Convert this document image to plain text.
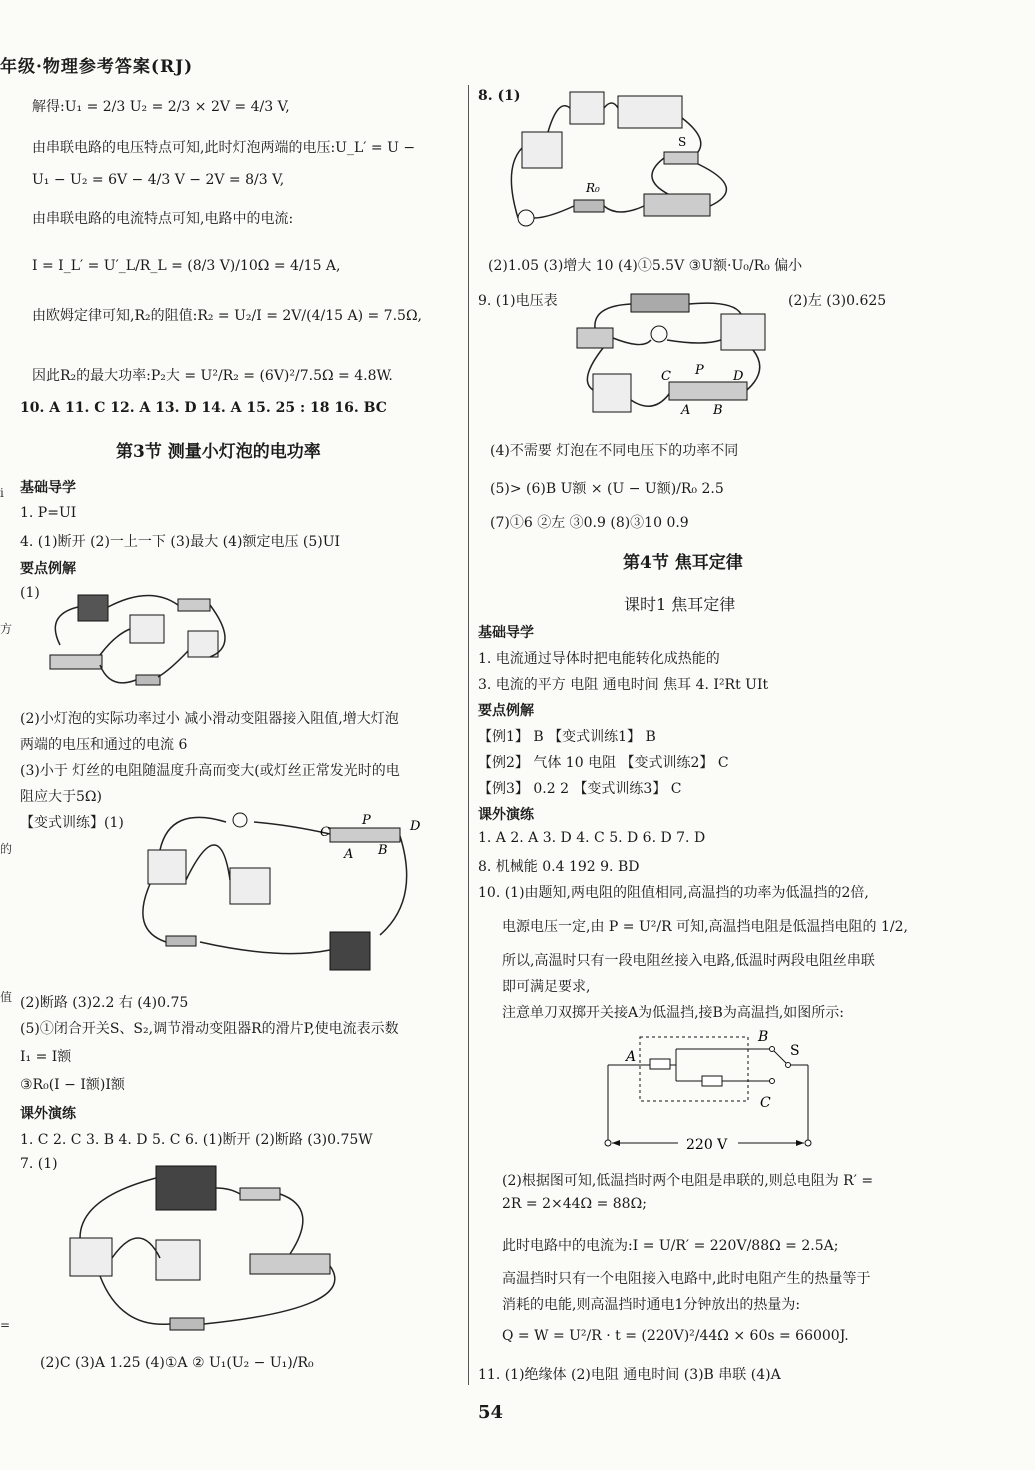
年级·物理参考答案(RJ)
i
方
的
值
=
解得:U₁ = 2/3 U₂ = 2/3 × 2V = 4/3 V,
由串联电路的电压特点可知,此时灯泡两端的电压:U_L′ = U −
U₁ − U₂ = 6V − 4/3 V − 2V = 8/3 V,
由串联电路的电流特点可知,电路中的电流:
I = I_L′ = U′_L/R_L = (8/3 V)/10Ω = 4/15 A,
由欧姆定律可知,R₂的阻值:R₂ = U₂/I = 2V/(4/15 A) = 7.5Ω,
因此R₂的最大功率:P₂大 = U²/R₂ = (6V)²/7.5Ω = 4.8W.
10. A 11. C 12. A 13. D 14. A 15. 25 : 18 16. BC
第3节 测量小灯泡的电功率
基础导学
1. P=UI
4. (1)断开 (2)一上一下 (3)最大 (4)额定电压 (5)UI
要点例解
(1)
(2)小灯泡的实际功率过小 减小滑动变阻器接入阻值,增大灯泡
两端的电压和通过的电流 6
(3)小于 灯丝的电阻随温度升高而变大(或灯丝正常发光时的电
阻应大于5Ω)
【变式训练】(1)
C
P	D
A B
(2)断路 (3)2.2 右 (4)0.75
(5)①闭合开关S、S₂,调节滑动变阻器R的滑片P,使电流表示数
I₁ = I额
③R₀(I − I额)I额
课外演练
1. C 2. C 3. B 4. D 5. C 6. (1)断开 (2)断路 (3)0.75W
7. (1)
(2)C (3)A 1.25 (4)①A ② U₁(U₂ − U₁)/R₀
8. (1)
R₀
S
(2)1.05 (3)增大 10 (4)①5.5V ③U额·U₀/R₀ 偏小
9. (1)电压表	(2)左 (3)0.625
C P D
A B
(4)不需要 灯泡在不同电压下的功率不同
(5)> (6)B U额 × (U − U额)/R₀ 2.5
(7)①6 ②左 ③0.9 (8)③10 0.9
第4节 焦耳定律
课时1 焦耳定律
基础导学
1. 电流通过导体时把电能转化成热能的
3. 电流的平方 电阻 通电时间 焦耳 4. I²Rt UIt
要点例解
【例1】 B 【变式训练1】 B
【例2】 气体 10 电阻 【变式训练2】 C
【例3】 0.2 2 【变式训练3】 C
课外演练
1. A 2. A 3. D 4. C 5. D 6. D 7. D
8. 机械能 0.4 192 9. BD
10. (1)由题知,两电阻的阻值相同,高温挡的功率为低温挡的2倍,
电源电压一定,由 P = U²/R 可知,高温挡电阻是低温挡电阻的 1/2,
所以,高温时只有一段电阻丝接入电路,低温时两段电阻丝串联
即可满足要求,
注意单刀双掷开关接A为低温挡,接B为高温挡,如图所示:
A
B
C
S
220 V
(2)根据图可知,低温挡时两个电阻是串联的,则总电阻为 R′ =
2R = 2×44Ω = 88Ω;
此时电路中的电流为:I = U/R′ = 220V/88Ω = 2.5A;
高温挡时只有一个电阻接入电路中,此时电阻产生的热量等于
消耗的电能,则高温挡时通电1分钟放出的热量为:
Q = W = U²/R · t = (220V)²/44Ω × 60s = 66000J.
11. (1)绝缘体 (2)电阻 通电时间 (3)B 串联 (4)A
54
